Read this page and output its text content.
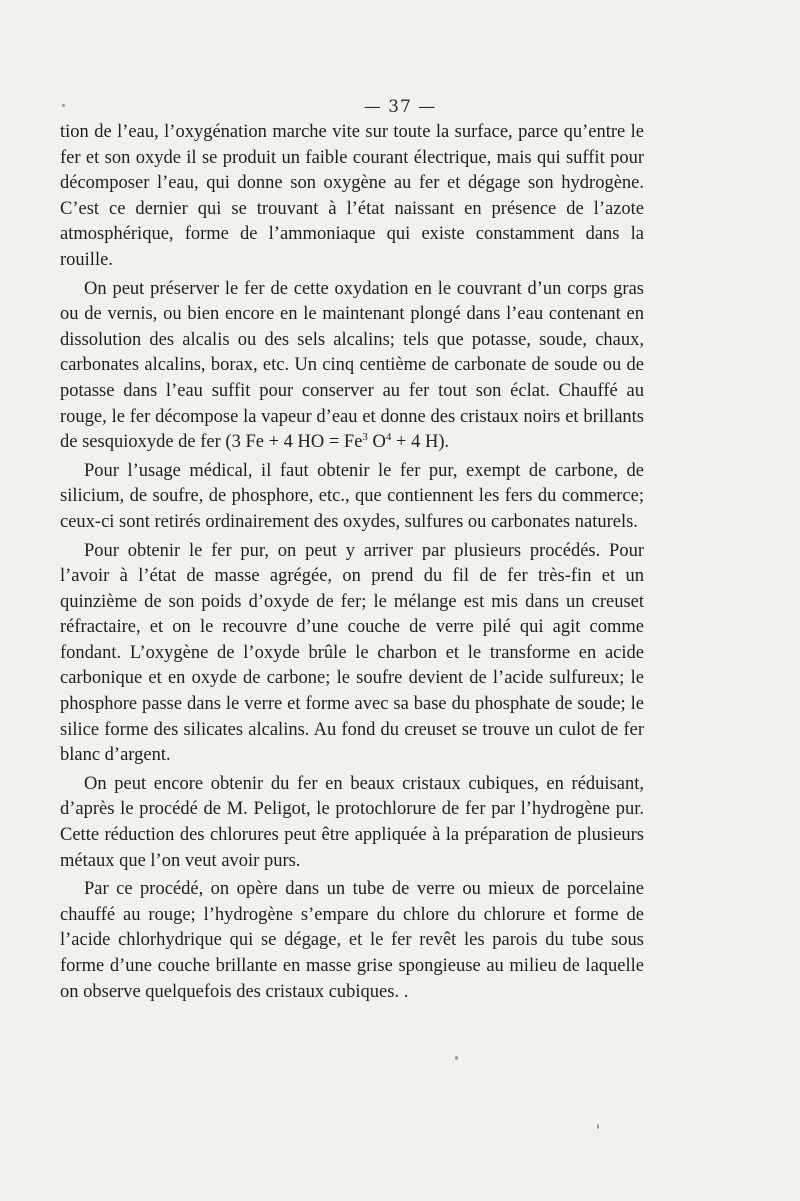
— 37 —

tion de l’eau, l’oxygénation marche vite sur toute la surface, parce qu’entre le fer et son oxyde il se produit un faible courant électrique, mais qui suffit pour décomposer l’eau, qui donne son oxygène au fer et dégage son hydrogène. C’est ce dernier qui se trouvant à l’état naissant en présence de l’azote atmosphérique, forme de l’ammoniaque qui existe constamment dans la rouille.

On peut préserver le fer de cette oxydation en le couvrant d’un corps gras ou de vernis, ou bien encore en le maintenant plongé dans l’eau contenant en dissolution des alcalis ou des sels alcalins; tels que potasse, soude, chaux, carbonates alcalins, borax, etc. Un cinq centième de carbonate de soude ou de potasse dans l’eau suffit pour conserver au fer tout son éclat. Chauffé au rouge, le fer décompose la vapeur d’eau et donne des cristaux noirs et brillants de sesquioxyde de fer (3 Fe + 4 HO = $Fe^3$ $O^4 + 4$ H).

Pour l’usage médical, il faut obtenir le fer pur, exempt de carbone, de silicium, de soufre, de phosphore, etc., que contiennent les fers du commerce; ceux-ci sont retirés ordinairement des oxydes, sulfures ou carbonates naturels.

Pour obtenir le fer pur, on peut y arriver par plusieurs procédés. Pour l’avoir à l’état de masse agrégée, on prend du fil de fer très-fin et un quinzième de son poids d’oxyde de fer; le mélange est mis dans un creuset réfractaire, et on le recouvre d’une couche de verre pilé qui agit comme fondant. L’oxygène de l’oxyde brûle le charbon et le transforme en acide carbonique et en oxyde de carbone; le soufre devient de l’acide sulfureux; le phosphore passe dans le verre et forme avec sa base du phosphate de soude; le silice forme des silicates alcalins. Au fond du creuset se trouve un culot de fer blanc d’argent.

On peut encore obtenir du fer en beaux cristaux cubiques, en réduisant, d’après le procédé de M. Peligot, le protochlorure de fer par l’hydrogène pur. Cette réduction des chlorures peut être appliquée à la préparation de plusieurs métaux que l’on veut avoir purs.

Par ce procédé, on opère dans un tube de verre ou mieux de porcelaine chauffé au rouge; l’hydrogène s’empare du chlore du chlorure et forme de l’acide chlorhydrique qui se dégage, et le fer revêt les parois du tube sous forme d’une couche brillante en masse grise spongieuse au milieu de laquelle on observe quelquefois des cristaux cubiques. .
